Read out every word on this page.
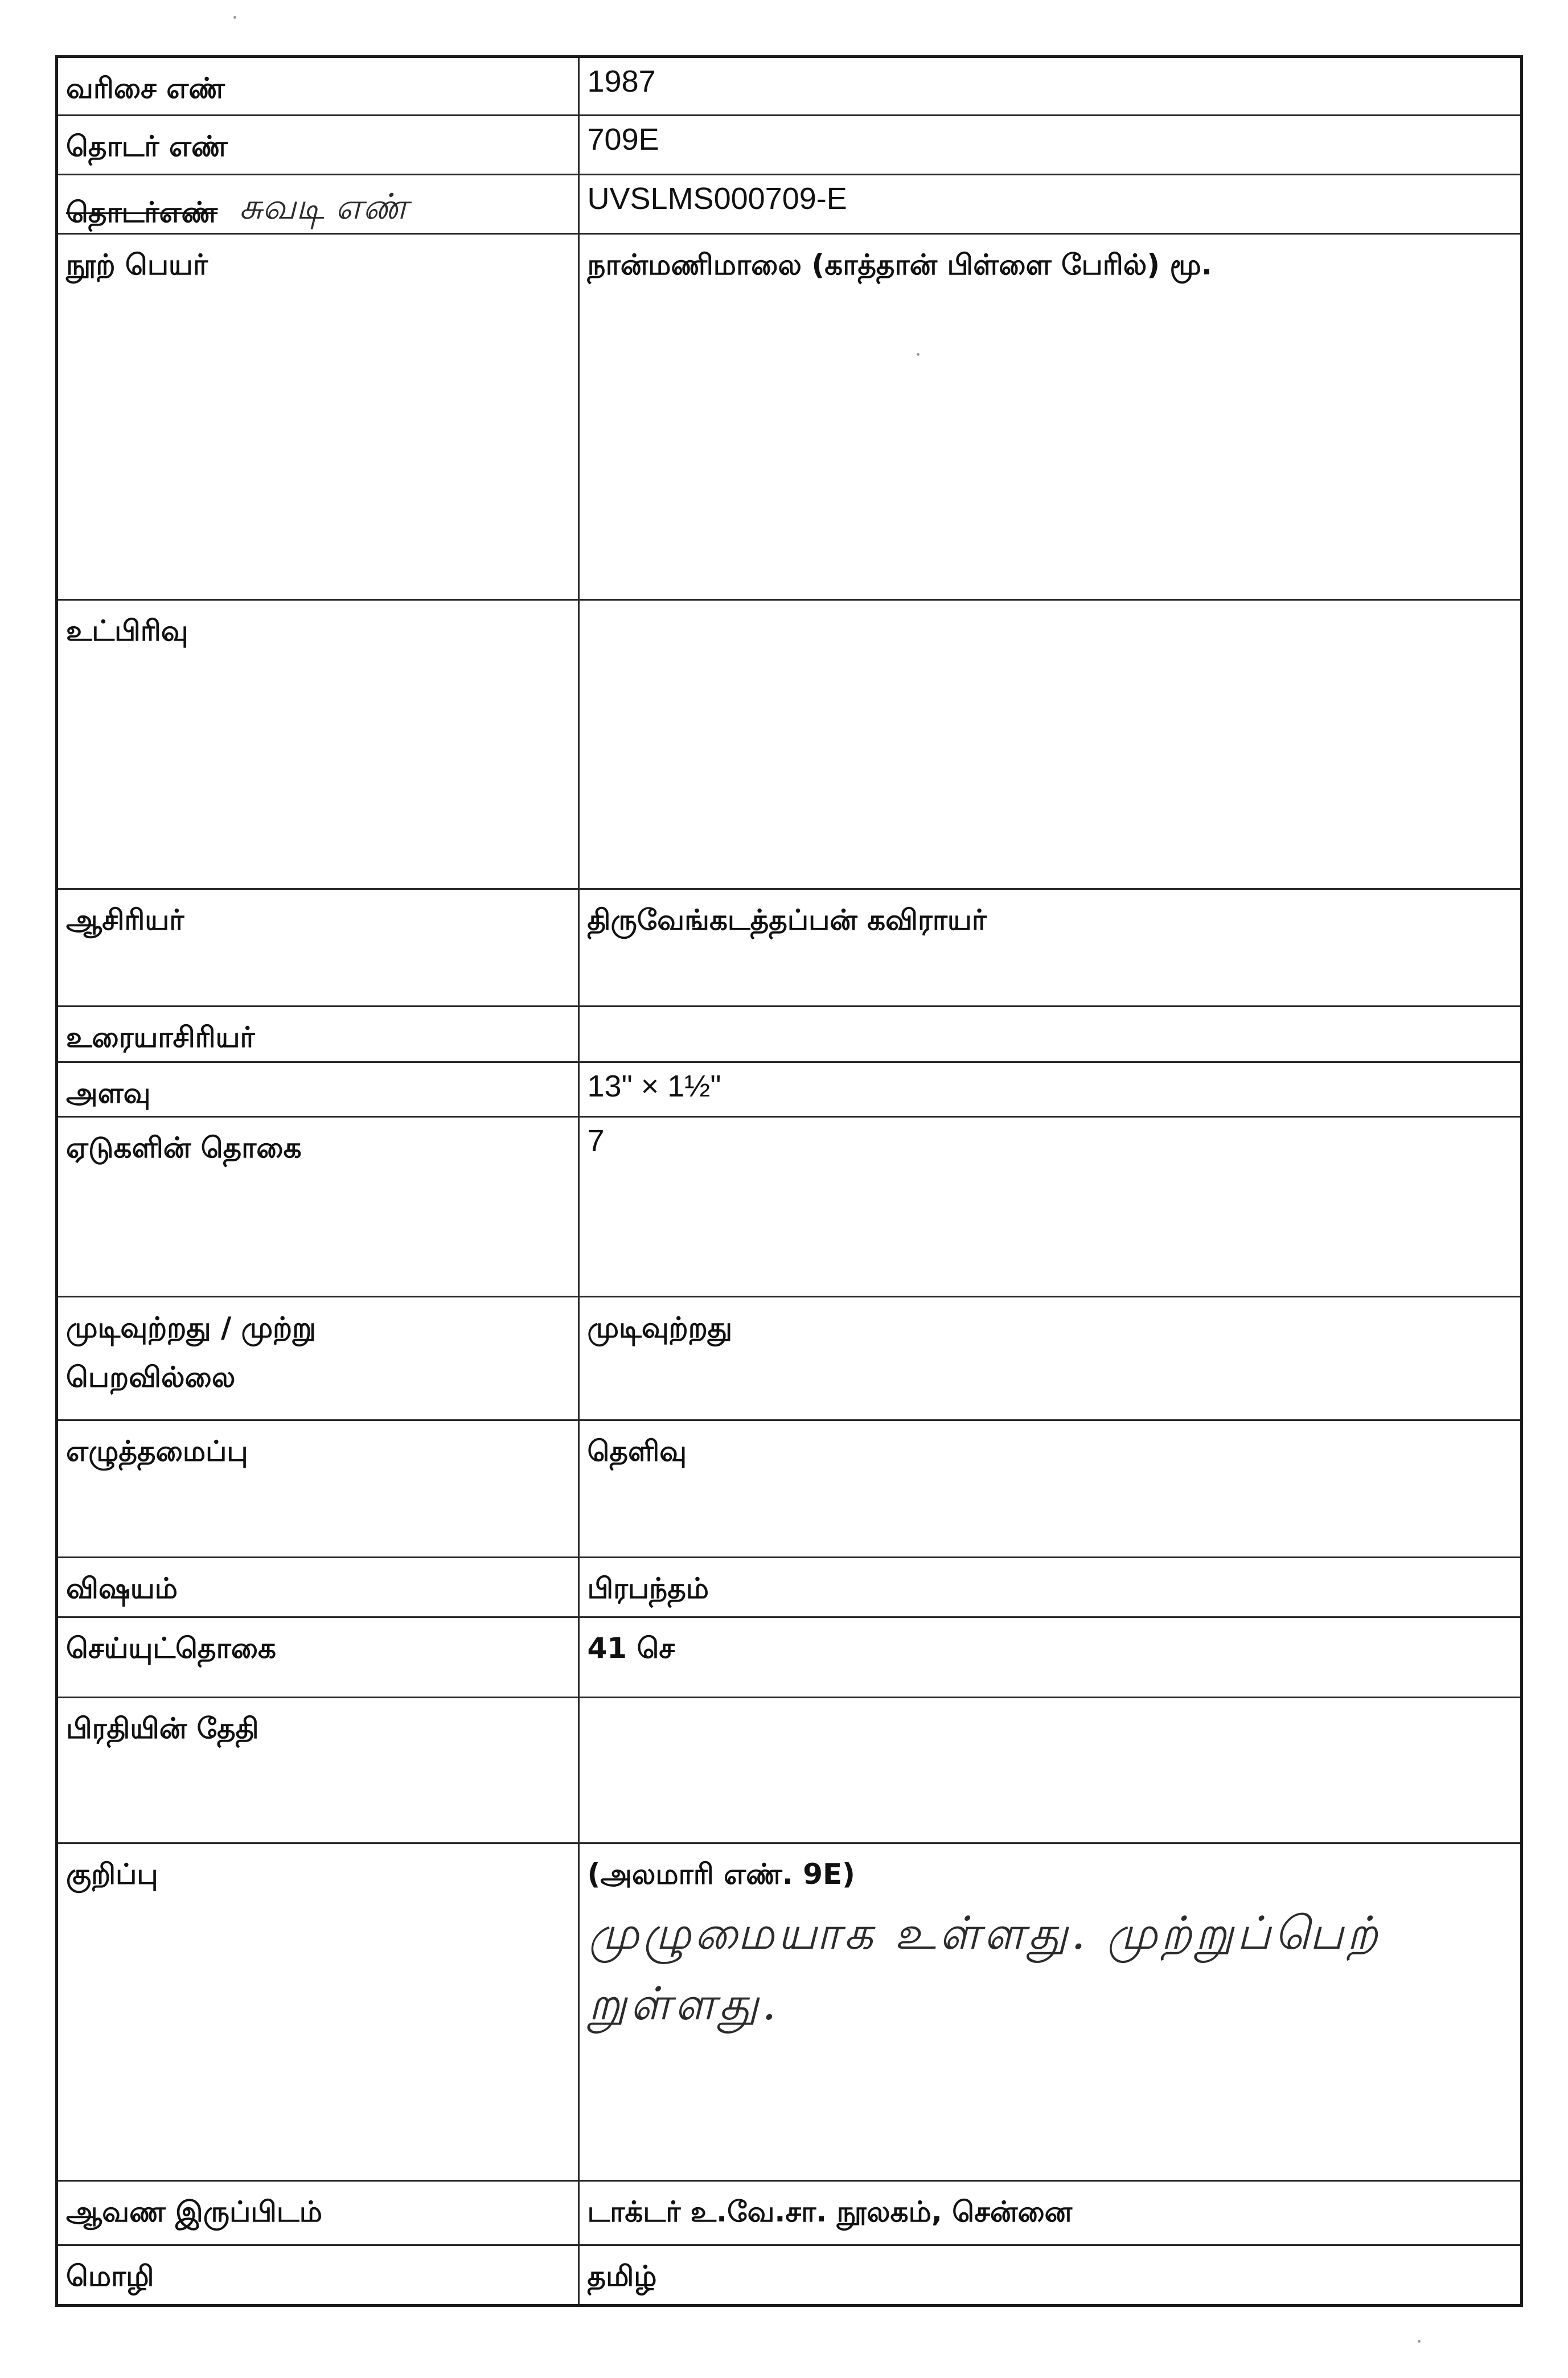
வரிசை எண்	1987

தொடர் எண்	709E

தொடர்எண் சுவடி எண்	UVSLMS000709-E

நூற் பெயர்	நான்மணிமாலை (காத்தான் பிள்ளை பேரில்) மூ.

உட்பிரிவு	

ஆசிரியர்	திருவேங்கடத்தப்பன் கவிராயர்

உரையாசிரியர்	

அளவு	13" × 1½"

ஏடுகளின் தொகை	7

முடிவுற்றது / முற்று
பெறவில்லை	முடிவுற்றது

எழுத்தமைப்பு	தெளிவு

விஷயம்	பிரபந்தம்

செய்யுட்தொகை	41 செ

பிரதியின் தேதி	

குறிப்பு	(அலமாரி எண். 9E)
முழுமையாக உள்ளது. முற்றுப்பெற்
றுள்ளது.

ஆவண இருப்பிடம்	டாக்டர் உ.வே.சா. நூலகம், சென்னை

மொழி	தமிழ்
